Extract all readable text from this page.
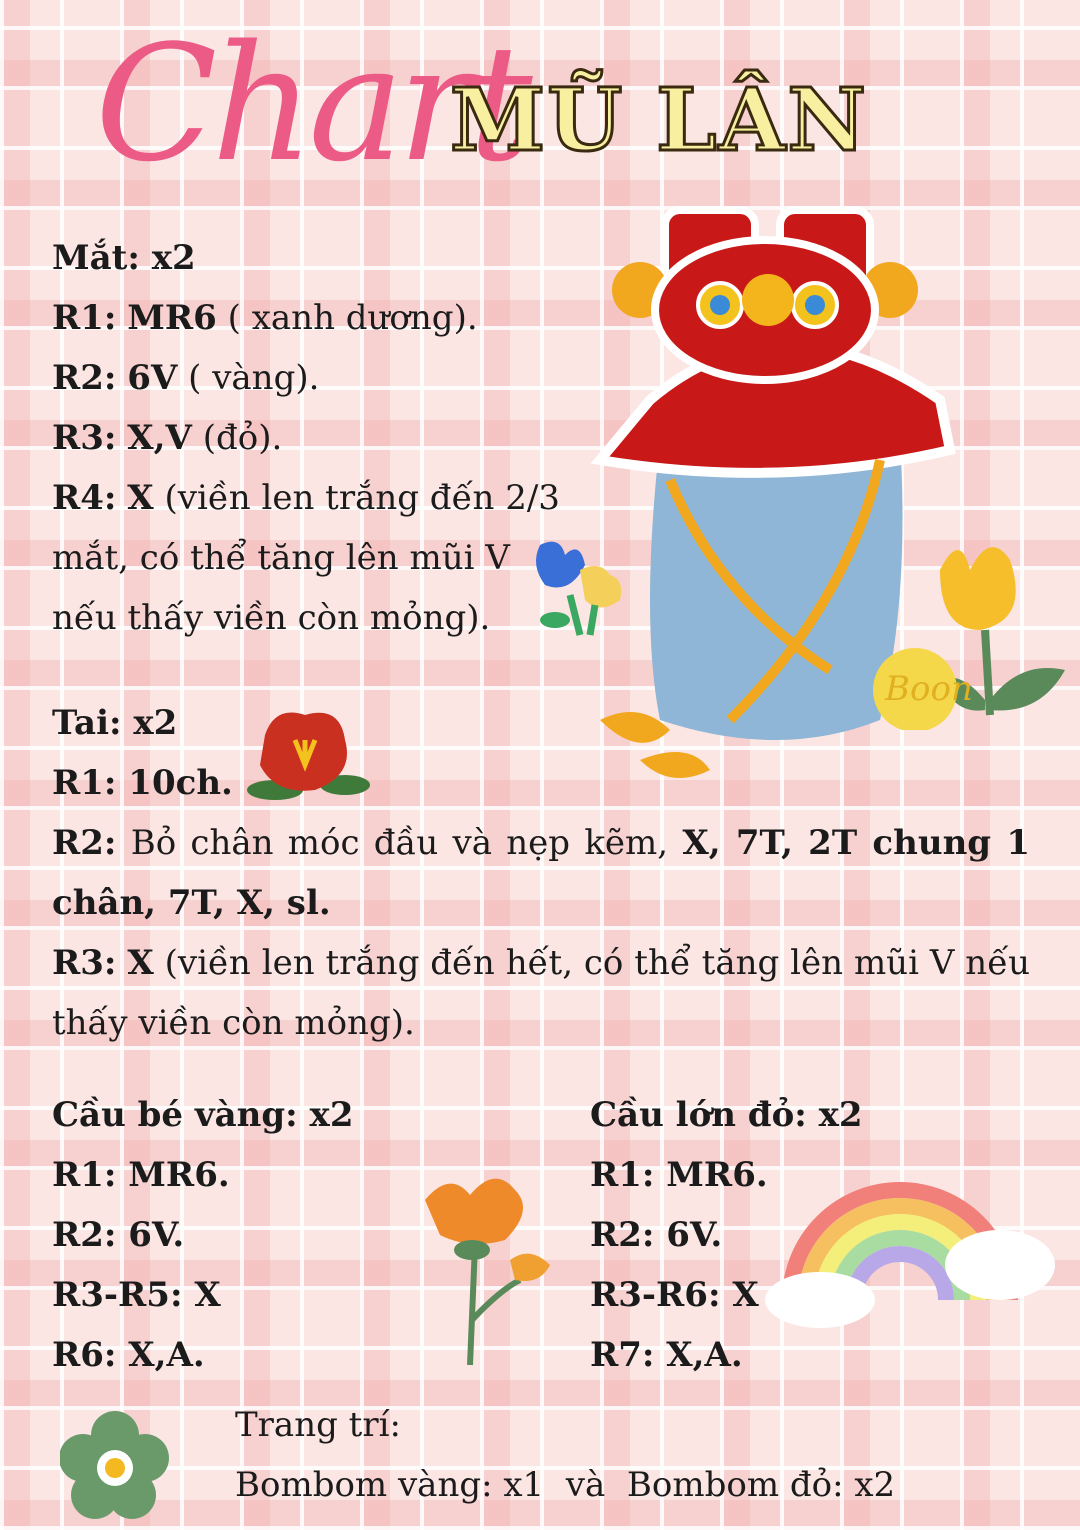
Chart
MŨ LÂN
Boon
Mắt: x2
R1: MR6 ( xanh dương).
R2: 6V ( vàng).
R3: X,V (đỏ).
R4: X (viền len trắng đến 2/3
mắt, có thể tăng lên mũi V
nếu thấy viền còn mỏng).
Tai: x2
R1: 10ch.
R2: Bỏ chân móc đầu và nẹp kẽm, X, 7T, 2T chung 1 chân, 7T, X, sl.
R3: X (viền len trắng đến hết, có thể tăng lên mũi V nếu thấy viền còn mỏng).
Cầu bé vàng: x2
R1: MR6.
R2: 6V.
R3-R5: X
R6: X,A.
Cầu lớn đỏ: x2
R1: MR6.
R2: 6V.
R3-R6: X
R7: X,A.
Trang trí:
Bombom vàng: x1  và  Bombom đỏ: x2
